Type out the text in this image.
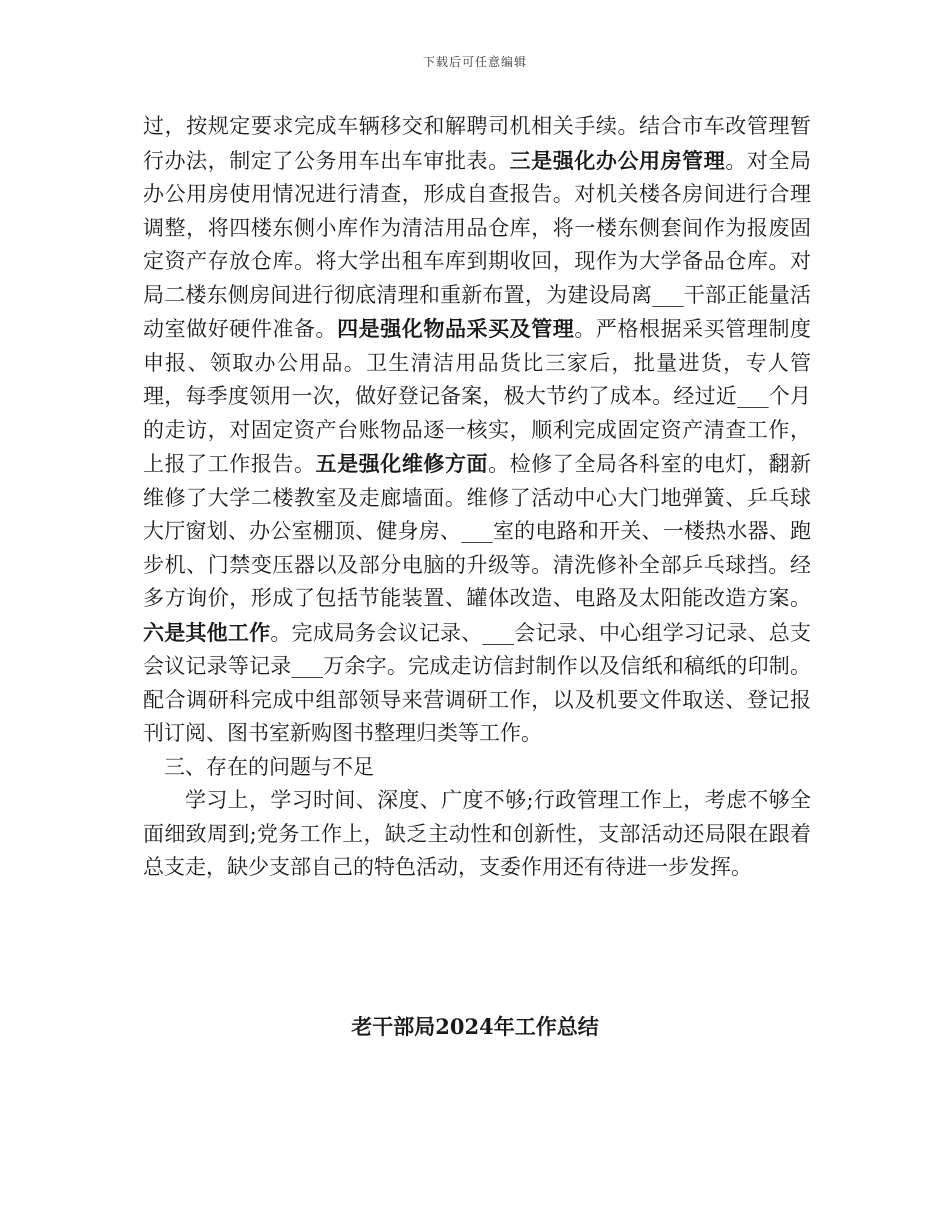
下载后可任意编辑

过，按规定要求完成车辆移交和解聘司机相关手续。结合市车改管理暂行办法，制定了公务用车出车审批表。三是强化办公用房管理。对全局办公用房使用情况进行清查，形成自查报告。对机关楼各房间进行合理调整，将四楼东侧小库作为清洁用品仓库，将一楼东侧套间作为报废固定资产存放仓库。将大学出租车库到期收回，现作为大学备品仓库。对局二楼东侧房间进行彻底清理和重新布置，为建设局离___干部正能量活动室做好硬件准备。四是强化物品采买及管理。严格根据采买管理制度申报、领取办公用品。卫生清洁用品货比三家后，批量进货，专人管理，每季度领用一次，做好登记备案，极大节约了成本。经过近___个月的走访，对固定资产台账物品逐一核实，顺利完成固定资产清查工作，上报了工作报告。五是强化维修方面。检修了全局各科室的电灯，翻新维修了大学二楼教室及走廊墙面。维修了活动中心大门地弹簧、乒乓球大厅窗划、办公室棚顶、健身房、___室的电路和开关、一楼热水器、跑步机、门禁变压器以及部分电脑的升级等。清洗修补全部乒乓球挡。经多方询价，形成了包括节能装置、罐体改造、电路及太阳能改造方案。六是其他工作。完成局务会议记录、___会记录、中心组学习记录、总支会议记录等记录___万余字。完成走访信封制作以及信纸和稿纸的印制。配合调研科完成中组部领导来营调研工作，以及机要文件取送、登记报刊订阅、图书室新购图书整理归类等工作。

三、存在的问题与不足

学习上，学习时间、深度、广度不够;行政管理工作上，考虑不够全面细致周到;党务工作上，缺乏主动性和创新性，支部活动还局限在跟着总支走，缺少支部自己的特色活动，支委作用还有待进一步发挥。

老干部局2024年工作总结
